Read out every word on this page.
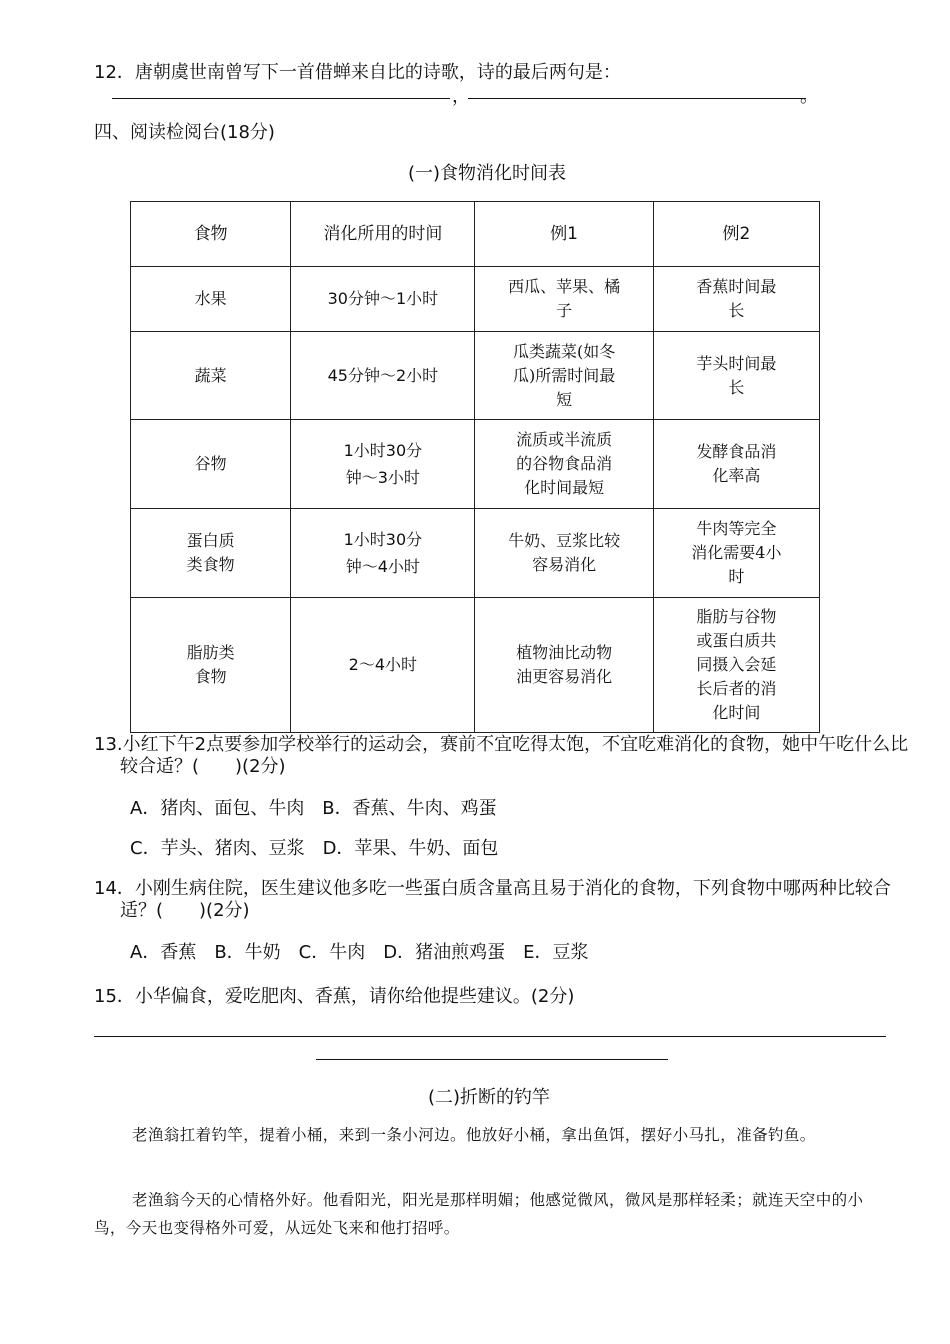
12．唐朝虞世南曾写下一首借蝉来自比的诗歌，诗的最后两句是：
，	。
四、阅读检阅台(18分)
(一)食物消化时间表
食物	消化所用的时间	例1	例2

水果	30分钟～1小时	西瓜、苹果、橘
子	香蕉时间最
长

蔬菜	45分钟～2小时	瓜类蔬菜(如冬
瓜)所需时间最
短	芋头时间最
长

谷物	1小时30分
钟～3小时	流质或半流质
的谷物食品消
化时间最短	发酵食品消
化率高

蛋白质
类食物	1小时30分
钟～4小时	牛奶、豆浆比较
容易消化	牛肉等完全
消化需要4小
时

脂肪类
食物	2～4小时	植物油比动物
油更容易消化	脂肪与谷物
或蛋白质共
同摄入会延
长后者的消
化时间
13.小红下午2点要参加学校举行的运动会，赛前不宜吃得太饱，不宜吃难消化的食物，她中午吃什么比较合适？(　　)(2分)
A．猪肉、面包、牛肉　B．香蕉、牛肉、鸡蛋
C．芋头、猪肉、豆浆　D．苹果、牛奶、面包
14．小刚生病住院，医生建议他多吃一些蛋白质含量高且易于消化的食物，下列食物中哪两种比较合适？(　　)(2分)
A．香蕉　B．牛奶　C．牛肉　D．猪油煎鸡蛋　E．豆浆
15．小华偏食，爱吃肥肉、香蕉，请你给他提些建议。(2分)
(二)折断的钓竿
老渔翁扛着钓竿，提着小桶，来到一条小河边。他放好小桶，拿出鱼饵，摆好小马扎，准备钓鱼。
老渔翁今天的心情格外好。他看阳光，阳光是那样明媚；他感觉微风，微风是那样轻柔；就连天空中的小鸟，今天也变得格外可爱，从远处飞来和他打招呼。
